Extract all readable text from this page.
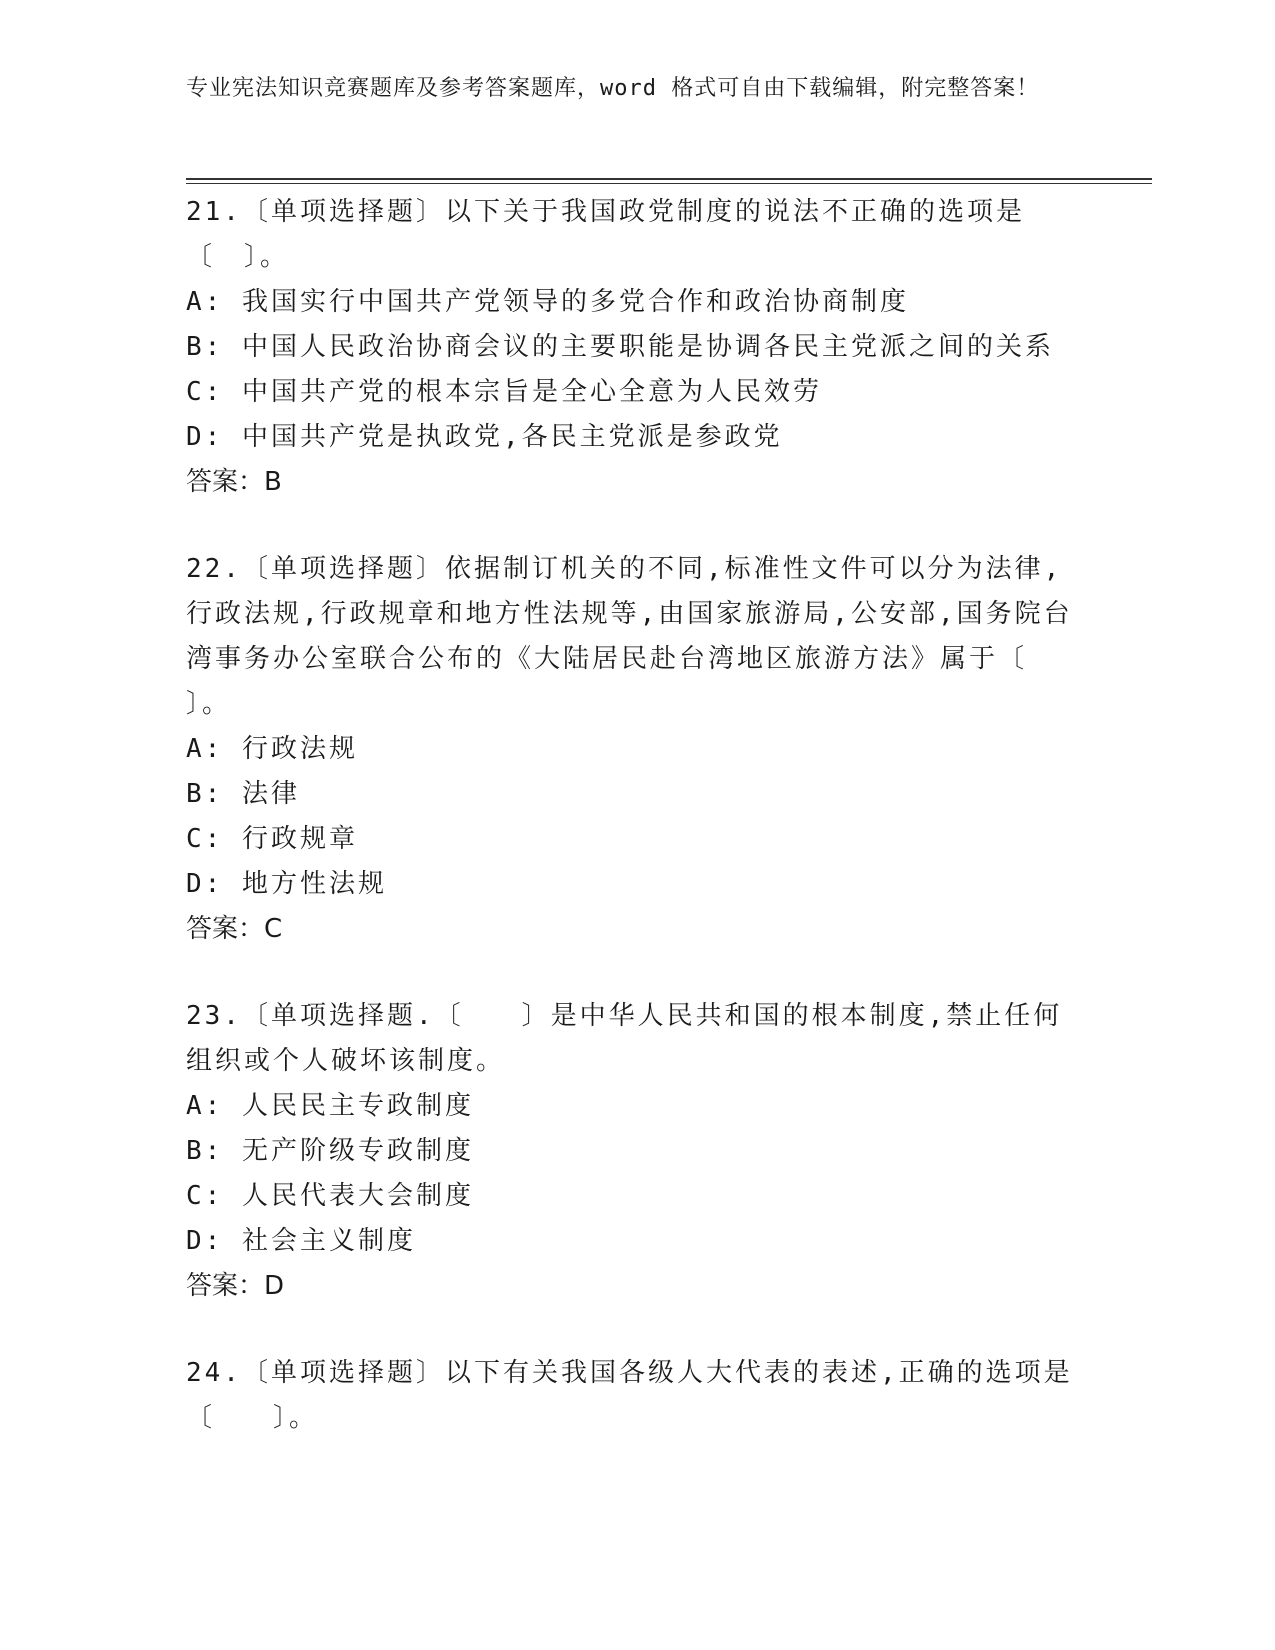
专业宪法知识竞赛题库及参考答案题库，word 格式可自由下载编辑，附完整答案！
21.〔单项选择题〕以下关于我国政党制度的说法不正确的选项是〔　〕。
A: 我国实行中国共产党领导的多党合作和政治协商制度
B: 中国人民政治协商会议的主要职能是协调各民主党派之间的关系
C: 中国共产党的根本宗旨是全心全意为人民效劳
D: 中国共产党是执政党,各民主党派是参政党
答案：B
22.〔单项选择题〕依据制订机关的不同,标准性文件可以分为法律,行政法规,行政规章和地方性法规等,由国家旅游局,公安部,国务院台湾事务办公室联合公布的《大陆居民赴台湾地区旅游方法》属于〔　　〕。
A: 行政法规
B: 法律
C: 行政规章
D: 地方性法规
答案：C
23.〔单项选择题.〔　　〕是中华人民共和国的根本制度,禁止任何组织或个人破坏该制度。
A: 人民民主专政制度
B: 无产阶级专政制度
C: 人民代表大会制度
D: 社会主义制度
答案：D
24.〔单项选择题〕以下有关我国各级人大代表的表述,正确的选项是〔　　〕。
